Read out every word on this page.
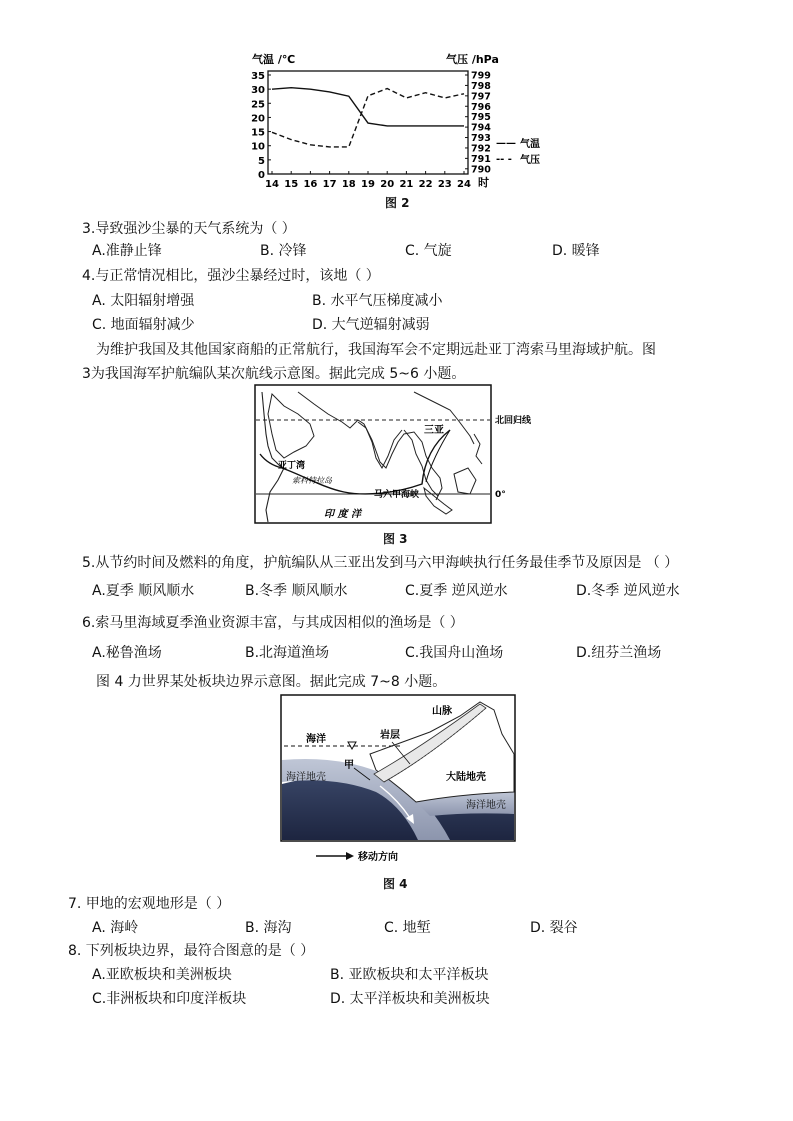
气温 /℃	气压 /hPa
0
5
10
15
20
25
30
35
790
791
792
793
794
795
796
797
798
799
14 15 16 17 18 19 20 21 22 23 24 时
—— 气温
-- - 气压
图 2
3.导致强沙尘暴的天气系统为（ ）
A.准静止锋	B. 冷锋	C. 气旋	D. 暖锋
4.与正常情况相比，强沙尘暴经过时，该地（ ）
A. 太阳辐射增强	B. 水平气压梯度减小
C. 地面辐射减少	D. 大气逆辐射减弱
为维护我国及其他国家商船的正常航行，我国海军会不定期远赴亚丁湾索马里海域护航。图
3为我国海军护航编队某次航线示意图。据此完成 5~6 小题。
北回归线
0°
三亚
亚丁湾
索科特拉岛
马六甲海峡
印 度 洋
图 3
5.从节约时间及燃料的角度，护航编队从三亚出发到马六甲海峡执行任务最佳季节及原因是 （ ）
A.夏季 顺风顺水	B.冬季 顺风顺水	C.夏季 逆风逆水	D.冬季 逆风逆水
6.索马里海域夏季渔业资源丰富，与其成因相似的渔场是（ ）
A.秘鲁渔场	B.北海道渔场	C.我国舟山渔场	D.纽芬兰渔场
图 4 力世界某处板块边界示意图。据此完成 7~8 小题。
山脉
海洋	岩层
甲
大陆地壳
海洋地壳
海洋地壳
移动方向
图 4
7. 甲地的宏观地形是（ ）
A. 海岭	B. 海沟	C. 地堑	D. 裂谷
8. 下列板块边界，最符合图意的是（ ）
A.亚欧板块和美洲板块	B. 亚欧板块和太平洋板块
C.非洲板块和印度洋板块	D. 太平洋板块和美洲板块
